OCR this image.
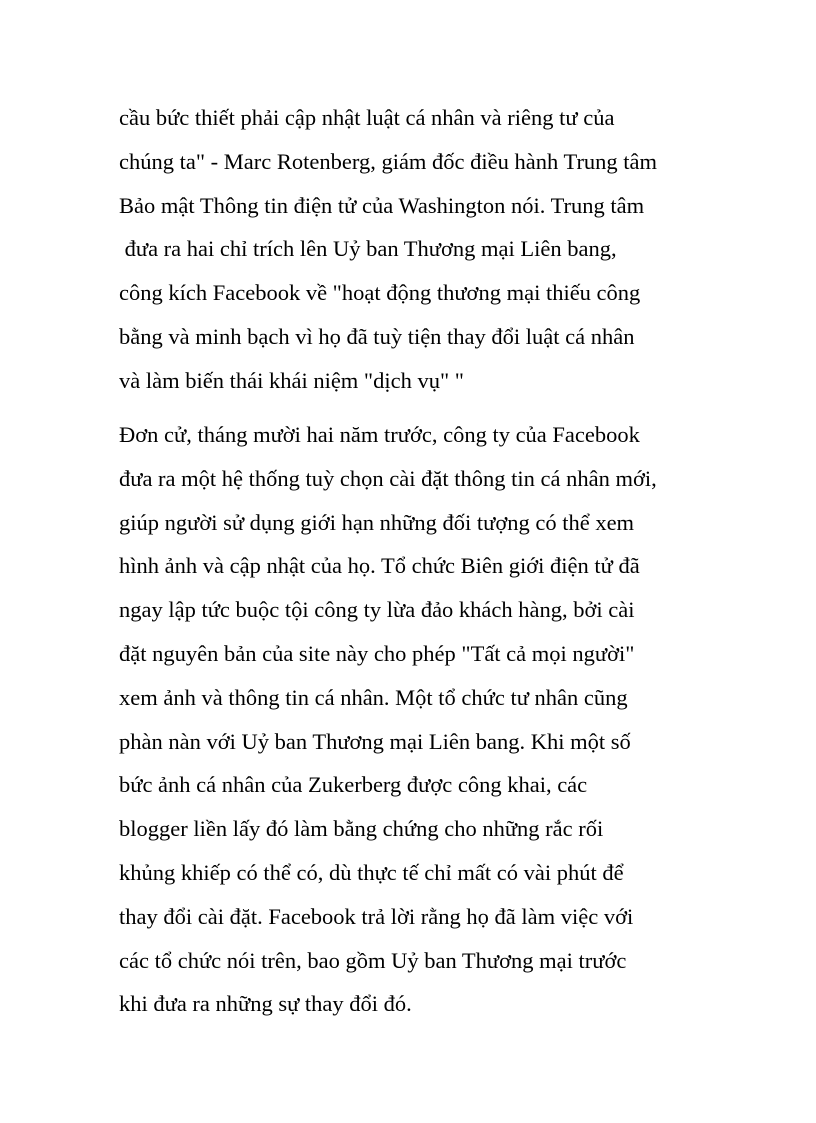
cầu bức thiết phải cập nhật luật cá nhân và riêng tư của
chúng ta" - Marc Rotenberg, giám đốc điều hành Trung tâm
Bảo mật Thông tin điện tử của Washington nói. Trung tâm
đưa ra hai chỉ trích lên Uỷ ban Thương mại Liên bang,
công kích Facebook về "hoạt động thương mại thiếu công
bằng và minh bạch vì họ đã tuỳ tiện thay đổi luật cá nhân
và làm biến thái khái niệm "dịch vụ" "
Đơn cử, tháng mười hai năm trước, công ty của Facebook
đưa ra một hệ thống tuỳ chọn cài đặt thông tin cá nhân mới,
giúp người sử dụng giới hạn những đối tượng có thể xem
hình ảnh và cập nhật của họ. Tổ chức Biên giới điện tử đã
ngay lập tức buộc tội công ty lừa đảo khách hàng, bởi cài
đặt nguyên bản của site này cho phép "Tất cả mọi người"
xem ảnh và thông tin cá nhân. Một tổ chức tư nhân cũng
phàn nàn với Uỷ ban Thương mại Liên bang. Khi một số
bức ảnh cá nhân của Zukerberg được công khai, các
blogger liền lấy đó làm bằng chứng cho những rắc rối
khủng khiếp có thể có, dù thực tế chỉ mất có vài phút để
thay đổi cài đặt. Facebook trả lời rằng họ đã làm việc với
các tổ chức nói trên, bao gồm Uỷ ban Thương mại trước
khi đưa ra những sự thay đổi đó.
